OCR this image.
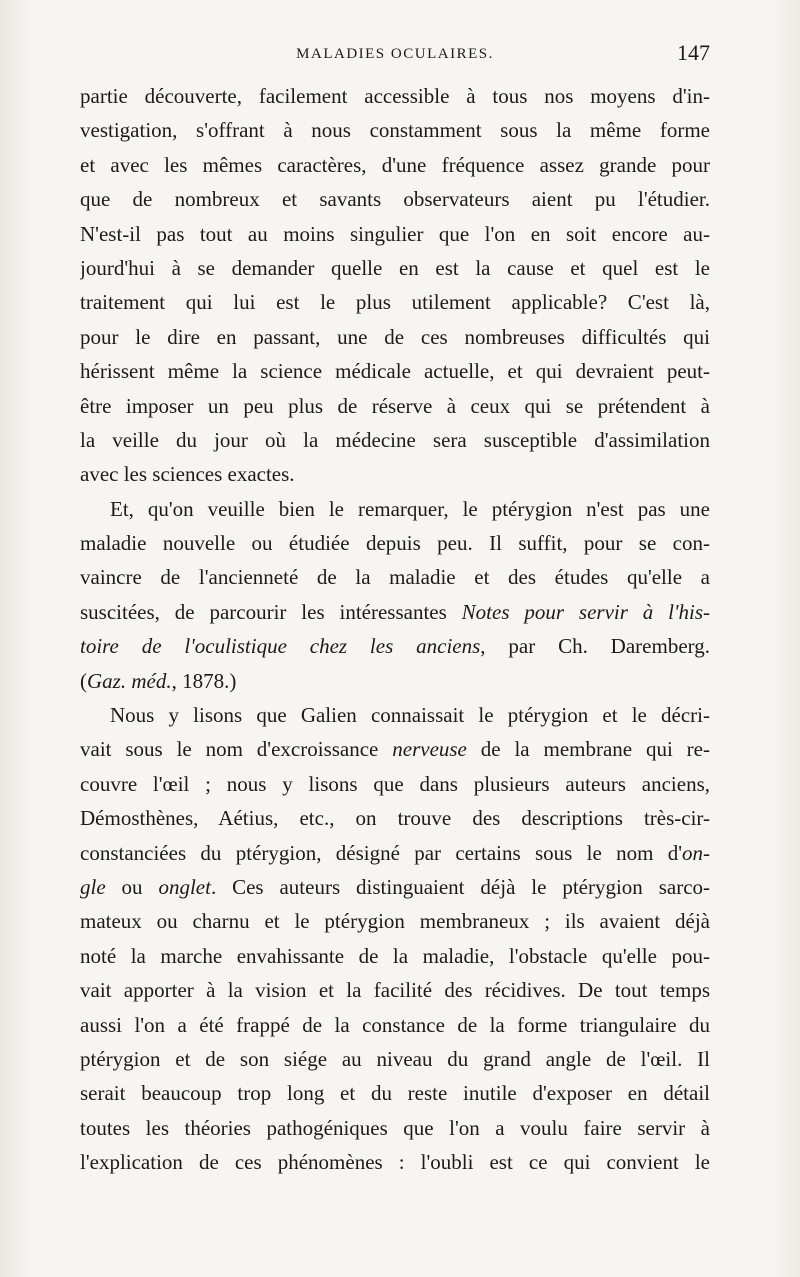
MALADIES OCULAIRES.	147
partie découverte, facilement accessible à tous nos moyens d'in-
vestigation, s'offrant à nous constamment sous la même forme
et avec les mêmes caractères, d'une fréquence assez grande pour
que de nombreux et savants observateurs aient pu l'étudier.
N'est-il pas tout au moins singulier que l'on en soit encore au-
jourd'hui à se demander quelle en est la cause et quel est le
traitement qui lui est le plus utilement applicable? C'est là,
pour le dire en passant, une de ces nombreuses difficultés qui
hérissent même la science médicale actuelle, et qui devraient peut-
être imposer un peu plus de réserve à ceux qui se prétendent à
la veille du jour où la médecine sera susceptible d'assimilation
avec les sciences exactes.
Et, qu'on veuille bien le remarquer, le ptérygion n'est pas une
maladie nouvelle ou étudiée depuis peu. Il suffit, pour se con-
vaincre de l'ancienneté de la maladie et des études qu'elle a
suscitées, de parcourir les intéressantes Notes pour servir à l'his-
toire de l'oculistique chez les anciens, par Ch. Daremberg.
(Gaz. méd., 1878.)
Nous y lisons que Galien connaissait le ptérygion et le décri-
vait sous le nom d'excroissance nerveuse de la membrane qui re-
couvre l'œil ; nous y lisons que dans plusieurs auteurs anciens,
Démosthènes, Aétius, etc., on trouve des descriptions très-cir-
constanciées du ptérygion, désigné par certains sous le nom d'on-
gle ou onglet. Ces auteurs distinguaient déjà le ptérygion sarco-
mateux ou charnu et le ptérygion membraneux ; ils avaient déjà
noté la marche envahissante de la maladie, l'obstacle qu'elle pou-
vait apporter à la vision et la facilité des récidives. De tout temps
aussi l'on a été frappé de la constance de la forme triangulaire du
ptérygion et de son siége au niveau du grand angle de l'œil. Il
serait beaucoup trop long et du reste inutile d'exposer en détail
toutes les théories pathogéniques que l'on a voulu faire servir à
l'explication de ces phénomènes : l'oubli est ce qui convient le
